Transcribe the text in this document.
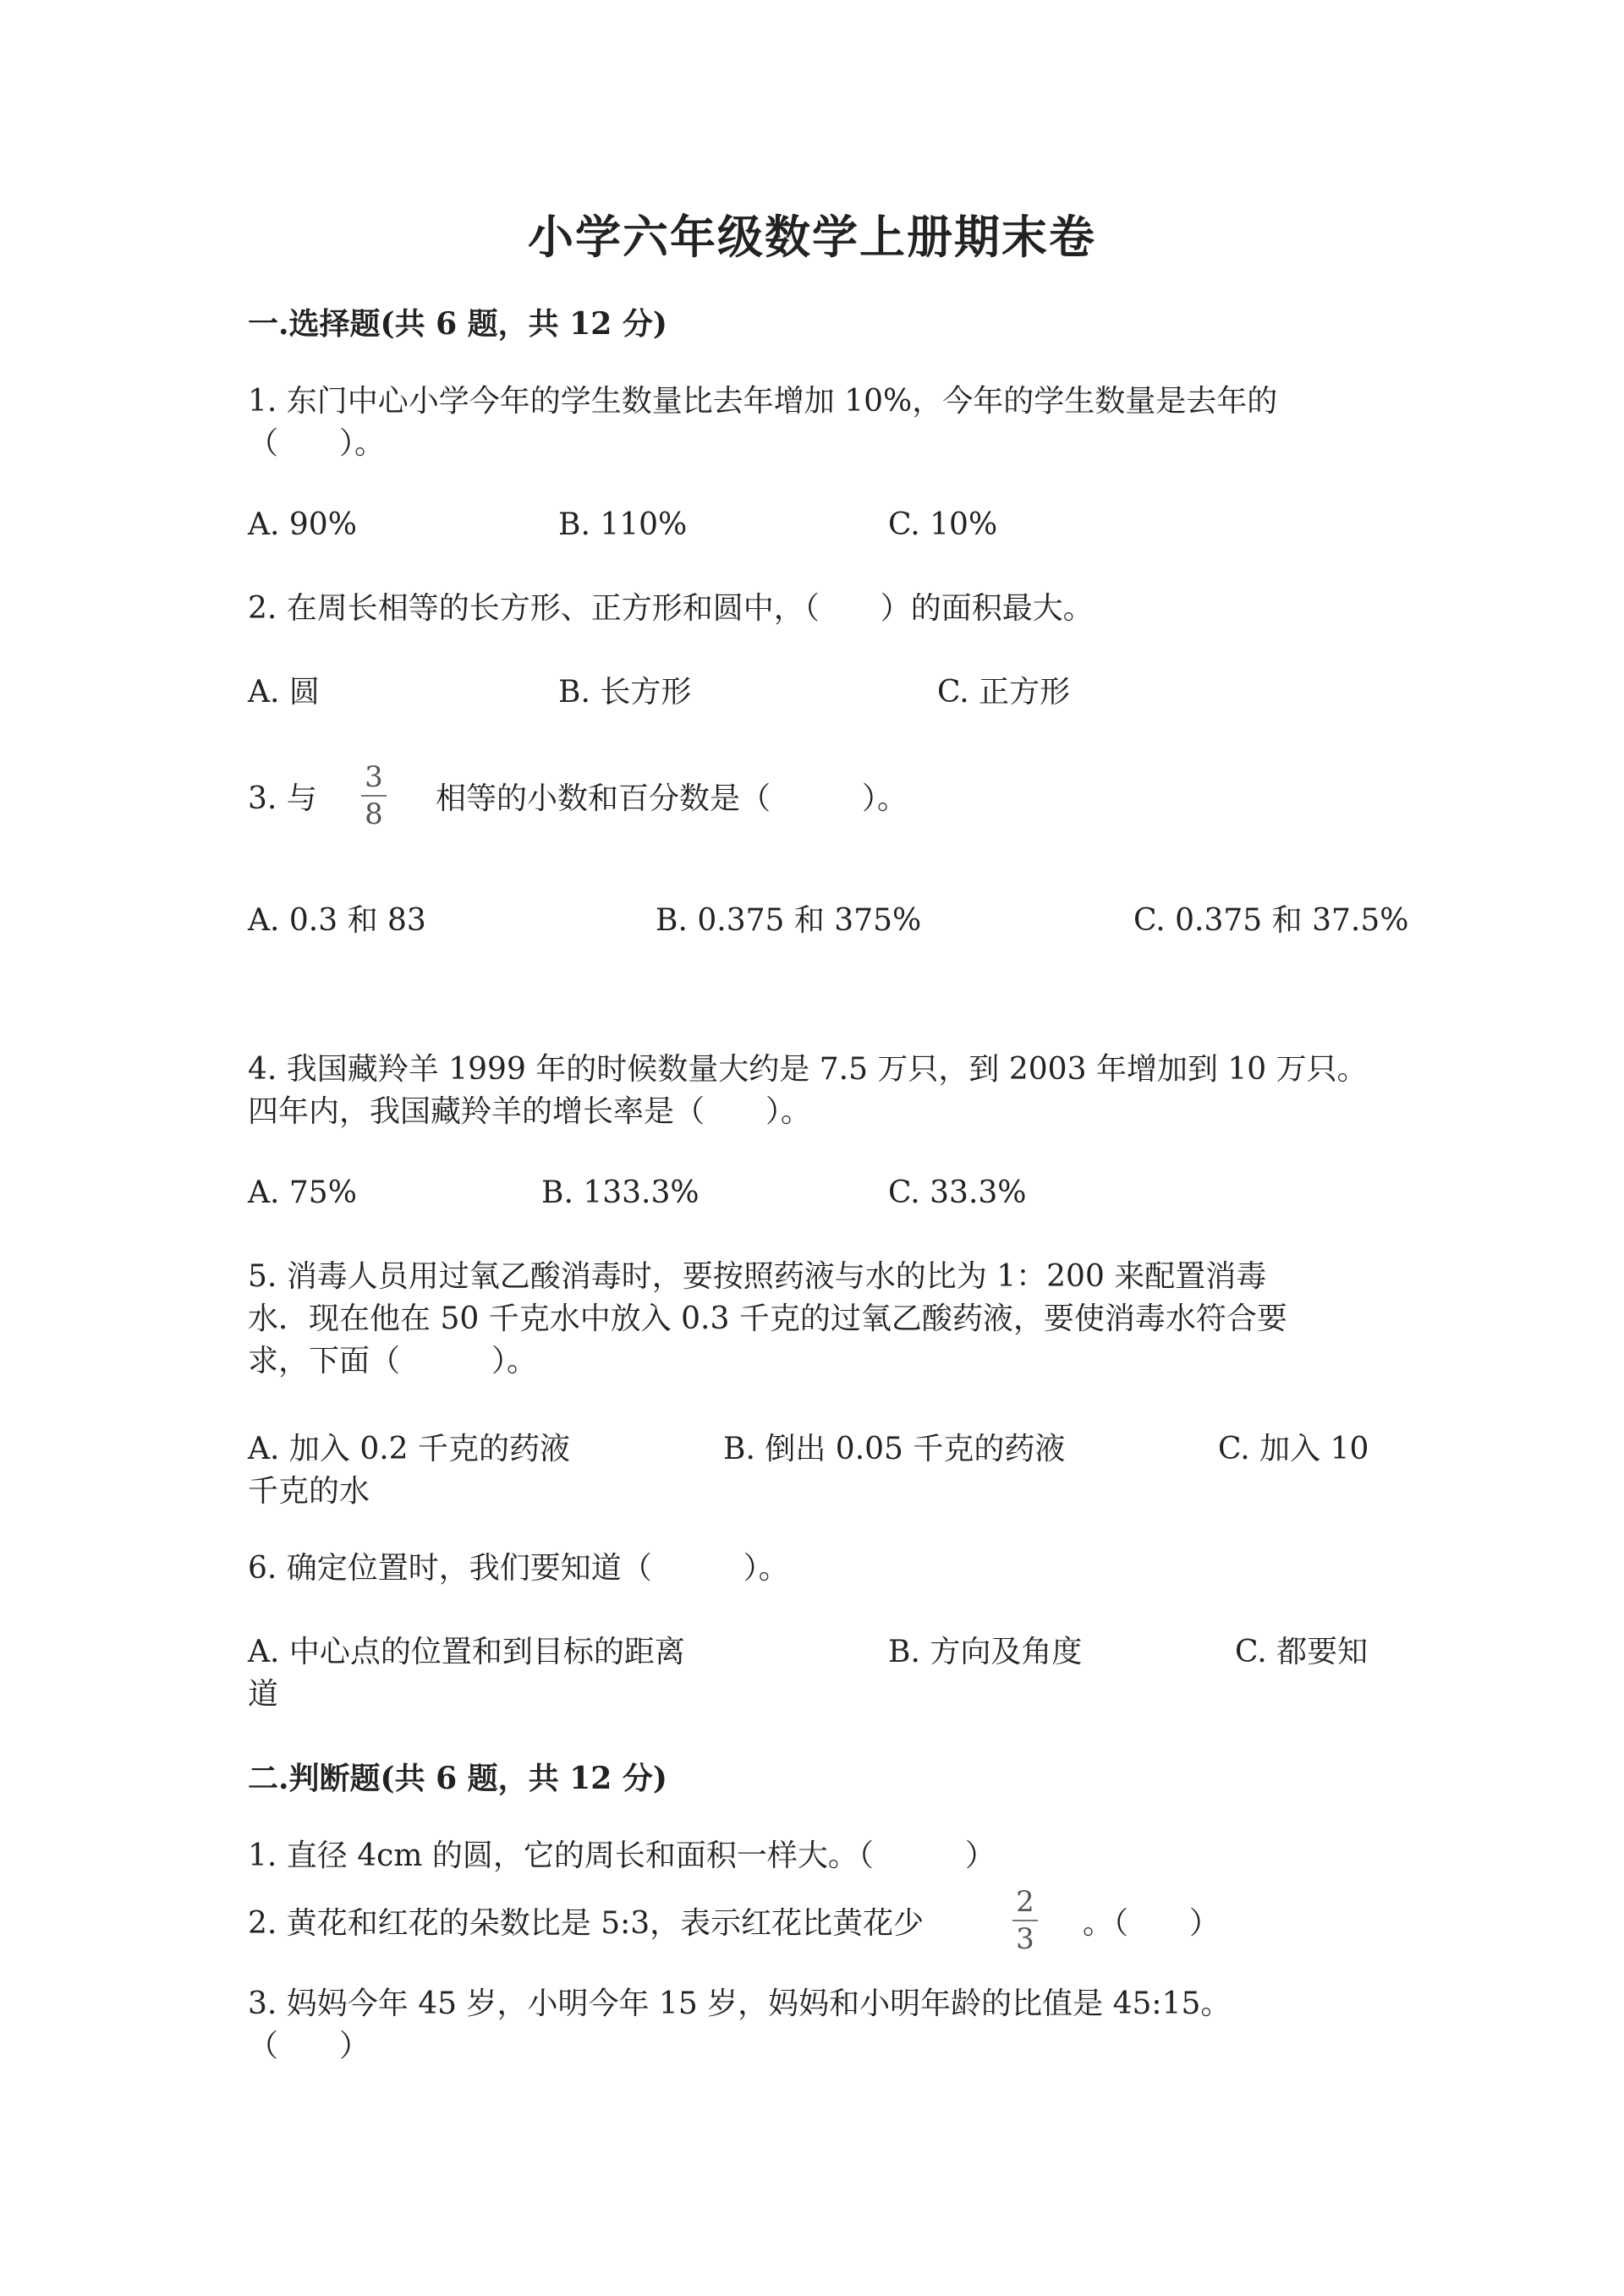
小学六年级数学上册期末卷
一.选择题(共 6 题，共 12 分)
1. 东门中心小学今年的学生数量比去年增加 10%，今年的学生数量是去年的
（　　）。
A. 90%	B. 110%	C. 10%
2. 在周长相等的长方形、正方形和圆中，（　　）的面积最大。
A. 圆	B. 长方形	C. 正方形
3. 与
3
8 相等的小数和百分数是（　　　）。
A. 0.3 和 83	B. 0.375 和 375%	C. 0.375 和 37.5%
4. 我国藏羚羊 1999 年的时候数量大约是 7.5 万只，到 2003 年增加到 10 万只。
四年内，我国藏羚羊的增长率是（　　）。
A. 75%	B. 133.3%	C. 33.3%
5. 消毒人员用过氧乙酸消毒时，要按照药液与水的比为 1：200 来配置消毒
水．现在他在 50 千克水中放入 0.3 千克的过氧乙酸药液，要使消毒水符合要
求，下面（　　　）。
A. 加入 0.2 千克的药液	B. 倒出 0.05 千克的药液	C. 加入 10
千克的水
6. 确定位置时，我们要知道（　　　）。
A. 中心点的位置和到目标的距离	B. 方向及角度	C. 都要知
道
二.判断题(共 6 题，共 12 分)
1. 直径 4cm 的圆，它的周长和面积一样大。（　　　）
2. 黄花和红花的朵数比是 5:3，表示红花比黄花少
2
3 。（　　）
3. 妈妈今年 45 岁，小明今年 15 岁，妈妈和小明年龄的比值是 45:15。
（　　）
